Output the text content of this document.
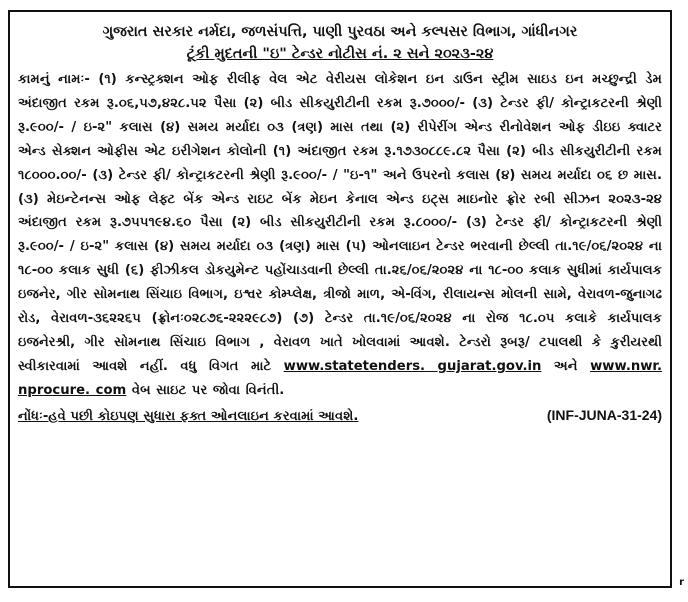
ગુજરાત સરકાર નર્મદા, જળસંપત્તિ, પાણી પુરવઠા અને કલ્પસર વિભાગ, ગાંધીનગર

ટૂંકી મુદતની "ઇ" ટેન્ડર નોટીસ નં. ૨ સને ૨૦૨૩-૨૪

કામનું નામઃ- (૧) કન્સ્ટ્રક્શન ઓફ રીલીફ વેલ એટ વેરીયસ લોકેશન ઇન ડાઉન સ્ટ્રીમ સાઇડ ઇન મચ્છુન્દ્રી ડેમ અંદાજીત રકમ રૂ.૦૬,૫૭,૪૨૮.૫૨ પૈસા (૨) બીડ સીકયુરીટીની રકમ રૂ.૭૦૦૦/- (૩) ટેન્ડર ફી/ કોન્ટ્રાકટરની શ્રેણી રૂ.૯૦૦/- / ઇ-૨" કલાસ (૪) સમય મર્યાદા ૦૩ (ત્રણ) માસ તથા (૨) રીપેરીંગ એન્ડ રીનોવેશન ઓફ ડીઇઇ ક્વાટર એન્ડ સેક્શન ઓફીસ એટ ઇરીગેશન કોલોની (૧) અંદાજીત રકમ રૂ.૧૭૩૦૮૮૯.૮૨ પૈસા (૨) બીડ સીકયુરીટીની રકમ ૧૮૦૦૦.૦૦/- (૩) ટેન્ડર ફી/ કોન્ટ્રાકટરની શ્રેણી રૂ.૯૦૦/- / "ઇ-૧" અને ઉપરનો કલાસ (૪) સમય મર્યાદા ૦૬ છ માસ. (૩) મેઇન્ટેનન્સ ઓફ લેફ્ટ બેંક એન્ડ રાઇટ બેંક મેઇન કેનાલ એન્ડ ઇટ્સ માઇનોર ફ્રોર રબી સીઝન ૨૦૨૩-૨૪ અંદાજીત રકમ રૂ.૭૫૫૧૯૪.૬૦ પૈસા (૨) બીડ સીકયુરીટીની રકમ રૂ.૮૦૦૦/- (૩) ટેન્ડર ફી/ કોન્ટ્રાકટરની શ્રેણી રૂ.૯૦૦/- / ઇ-૨" કલાસ (૪) સમય મર્યાદા ૦૩ (ત્રણ) માસ (૫) ઓનલાઇન ટેન્ડર ભરવાની છેલ્લી તા.૧૯/૦૬/૨૦૨૪ ના ૧૮-૦૦ કલાક સુધી (૬) ફીઝીકલ ડોકયુમેન્ટ પહોંચાડવાની છેલ્લી તા.૨૬/૦૬/૨૦૨૪ ના ૧૮-૦૦ કલાક સુધીમાં કાર્યપાલક ઇજનેર, ગીર સોમનાથ સિંચાઇ વિભાગ, ઇશ્વર કોમ્પ્લેક્ષ, ત્રીજો માળ, એ-વિંગ, રીલાયન્સ મોલની સામે, વેરાવળ-જુનાગઢ રોડ, વેરાવળ-૩૬૨૨૬૫ (ફ્રોનઃ૦૨૮૭૬-૨૨૨૯૮૭) (૭) ટેન્ડર તા.૧૯/૦૬/૨૦૨૪ ના રોજ ૧૮.૦૫ કલાકે કાર્યપાલક ઇજનેરશ્રી, ગીર સોમનાથ સિંચાઇ વિભાગ , વેરાવળ ખાતે ખોલવામાં આવશે. ટેન્ડરો રૂબરૂ/ ટપાલથી કે કુરીયરથી સ્વીકારવામાં આવશે નહીં. વધુ વિગત માટે www.statetenders. gujarat.gov.in અને www.nwr. nprocure. com વેબ સાઇટ પર જોવા વિનંતી.

નોંધઃ-હવે પછી કોઇપણ સુધારા ફક્ત ઓનલાઇન કરવામાં આવશે.	(INF-JUNA-31-24)
r
